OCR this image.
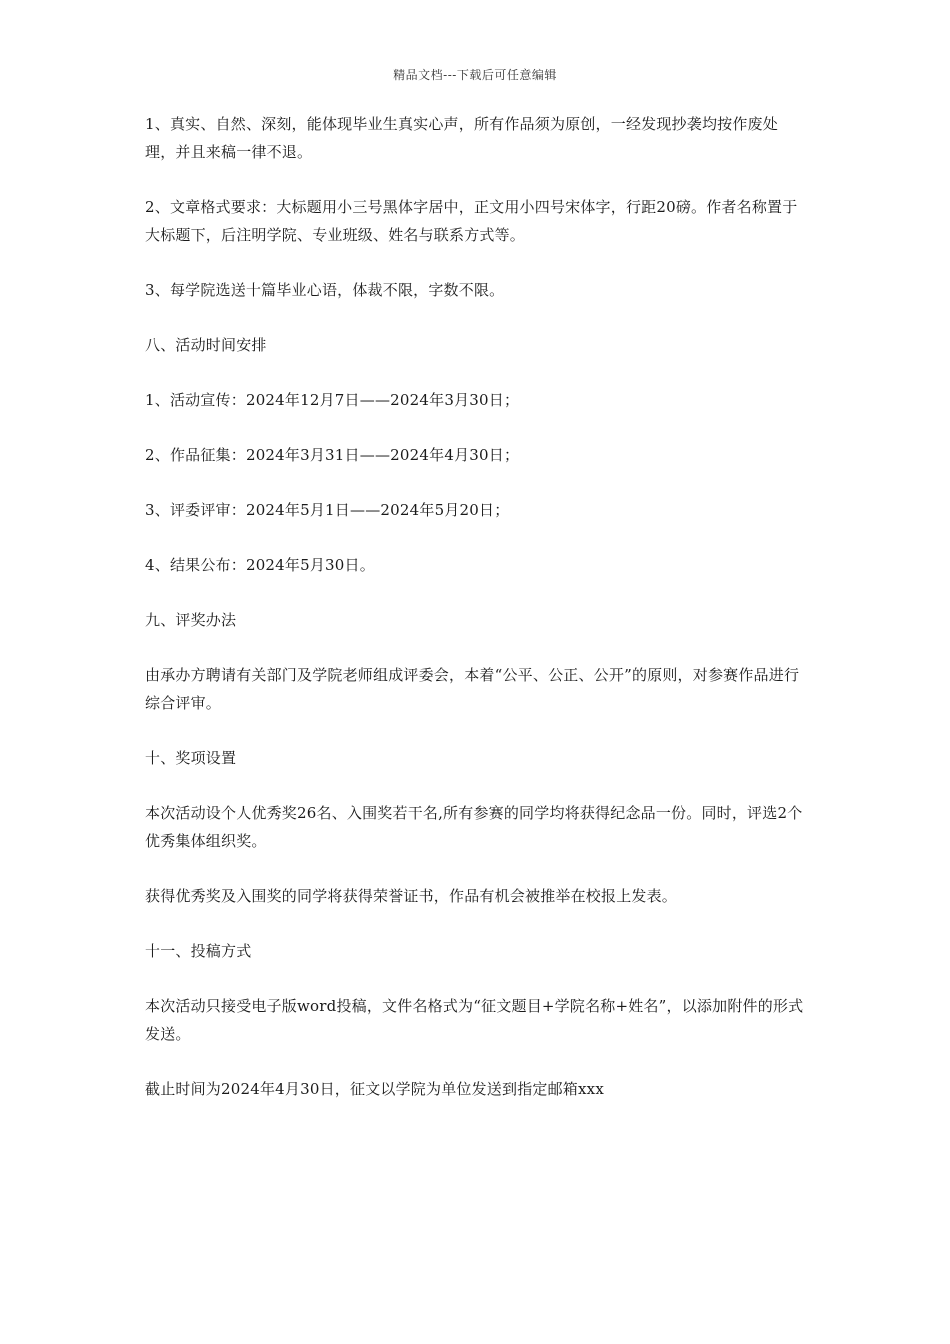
精品文档---下载后可任意编辑

1、真实、自然、深刻，能体现毕业生真实心声，所有作品须为原创，一经发现抄袭均按作废处理，并且来稿一律不退。

2、文章格式要求：大标题用小三号黑体字居中，正文用小四号宋体字，行距20磅。作者名称置于大标题下，后注明学院、专业班级、姓名与联系方式等。

3、每学院选送十篇毕业心语，体裁不限，字数不限。

八、活动时间安排

1、活动宣传：2024年12月7日——2024年3月30日；

2、作品征集：2024年3月31日——2024年4月30日；

3、评委评审：2024年5月1日——2024年5月20日；

4、结果公布：2024年5月30日。

九、评奖办法

由承办方聘请有关部门及学院老师组成评委会，本着“公平、公正、公开”的原则，对参赛作品进行综合评审。

十、奖项设置

本次活动设个人优秀奖26名、入围奖若干名,所有参赛的同学均将获得纪念品一份。同时，评选2个优秀集体组织奖。

获得优秀奖及入围奖的同学将获得荣誉证书，作品有机会被推举在校报上发表。

十一、投稿方式

本次活动只接受电子版word投稿，文件名格式为“征文题目+学院名称+姓名”，以添加附件的形式发送。

截止时间为2024年4月30日，征文以学院为单位发送到指定邮箱xxx
